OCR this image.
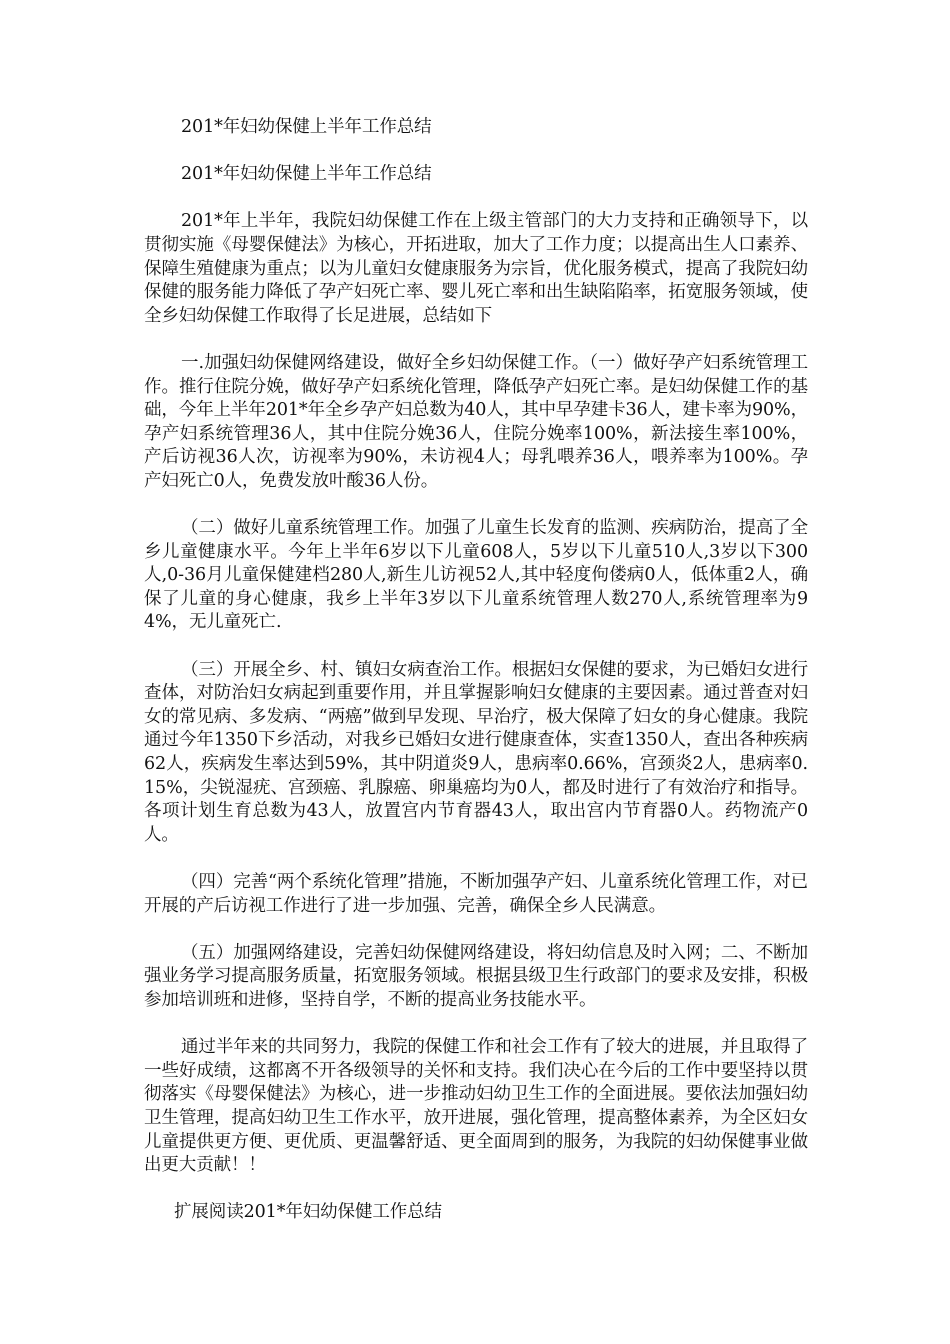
201*年妇幼保健上半年工作总结

201*年妇幼保健上半年工作总结

201*年上半年，我院妇幼保健工作在上级主管部门的大力支持和正确领导下，以贯彻实施《母婴保健法》为核心，开拓进取，加大了工作力度；以提高出生人口素养、保障生殖健康为重点；以为儿童妇女健康服务为宗旨，优化服务模式，提高了我院妇幼保健的服务能力降低了孕产妇死亡率、婴儿死亡率和出生缺陷陷率，拓宽服务领域，使全乡妇幼保健工作取得了长足进展，总结如下

一.加强妇幼保健网络建设，做好全乡妇幼保健工作。（一）做好孕产妇系统管理工作。推行住院分娩，做好孕产妇系统化管理，降低孕产妇死亡率。是妇幼保健工作的基础，今年上半年201*年全乡孕产妇总数为40人，其中早孕建卡36人，建卡率为90%，孕产妇系统管理36人，其中住院分娩36人，住院分娩率100%，新法接生率100%，产后访视36人次，访视率为90%，未访视4人；母乳喂养36人，喂养率为100%。孕产妇死亡0人，免费发放叶酸36人份。

（二）做好儿童系统管理工作。加强了儿童生长发育的监测、疾病防治，提高了全乡儿童健康水平。今年上半年6岁以下儿童608人，5岁以下儿童510人,3岁以下300人,0-36月儿童保健建档280人,新生儿访视52人,其中轻度佝偻病0人，低体重2人，确保了儿童的身心健康，我乡上半年3岁以下儿童系统管理人数270人,系统管理率为94%，无儿童死亡.

（三）开展全乡、村、镇妇女病查治工作。根据妇女保健的要求，为已婚妇女进行查体，对防治妇女病起到重要作用，并且掌握影响妇女健康的主要因素。通过普查对妇女的常见病、多发病、“两癌”做到早发现、早治疗，极大保障了妇女的身心健康。我院通过今年1350下乡活动，对我乡已婚妇女进行健康查体，实查1350人，查出各种疾病62人，疾病发生率达到59%，其中阴道炎9人，患病率0.66%，宫颈炎2人，患病率0.15%，尖锐湿疣、宫颈癌、乳腺癌、卵巢癌均为0人，都及时进行了有效治疗和指导。各项计划生育总数为43人，放置宫内节育器43人，取出宫内节育器0人。药物流产0人。

（四）完善“两个系统化管理”措施，不断加强孕产妇、儿童系统化管理工作，对已开展的产后访视工作进行了进一步加强、完善，确保全乡人民满意。

（五）加强网络建设，完善妇幼保健网络建设，将妇幼信息及时入网；二、不断加强业务学习提高服务质量，拓宽服务领域。根据县级卫生行政部门的要求及安排，积极参加培训班和进修，坚持自学，不断的提高业务技能水平。

通过半年来的共同努力，我院的保健工作和社会工作有了较大的进展，并且取得了一些好成绩，这都离不开各级领导的关怀和支持。我们决心在今后的工作中要坚持以贯彻落实《母婴保健法》为核心，进一步推动妇幼卫生工作的全面进展。要依法加强妇幼卫生管理，提高妇幼卫生工作水平，放开进展，强化管理，提高整体素养，为全区妇女儿童提供更方便、更优质、更温馨舒适、更全面周到的服务，为我院的妇幼保健事业做出更大贡献！！

扩展阅读201*年妇幼保健工作总结
